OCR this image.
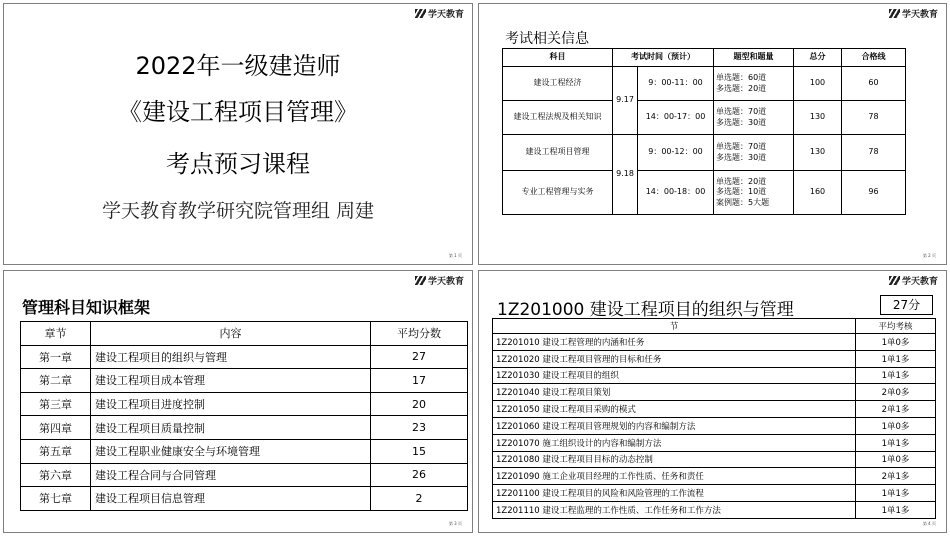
学天教育
2022年一级建造师
《建设工程项目管理》
考点预习课程
学天教育教学研究院管理组 周建
第 1 页
学天教育
考试相关信息
科目	考试时间（预计）		题型和题量	总分	合格线
建设工程经济	9.17	9：00-11：00	单选题：60道
多选题：20道	100	60
建设工程法规及相关知识		14：00-17：00	单选题：70道
多选题：30道	130	78
建设工程项目管理	9.18	9：00-12：00	单选题：70道
多选题：30道	130	78
专业工程管理与实务		14：00-18：00	单选题：20道
多选题：10道
案例题：5大题	160	96
第 2 页
学天教育
管理科目知识框架
章节	内容	平均分数
第一章	建设工程项目的组织与管理	27
第二章	建设工程项目成本管理	17
第三章	建设工程项目进度控制	20
第四章	建设工程项目质量控制	23
第五章	建设工程职业健康安全与环境管理	15
第六章	建设工程合同与合同管理	26
第七章	建设工程项目信息管理	2
第 3 页
学天教育
1Z201000 建设工程项目的组织与管理	27分
节	平均考核
1Z201010 建设工程管理的内涵和任务	1单0多
1Z201020 建设工程项目管理的目标和任务	1单1多
1Z201030 建设工程项目的组织	1单1多
1Z201040 建设工程项目策划	2单0多
1Z201050 建设工程项目采购的模式	2单1多
1Z201060 建设工程项目管理规划的内容和编制方法	1单0多
1Z201070 施工组织设计的内容和编制方法	1单1多
1Z201080 建设工程项目目标的动态控制	1单0多
1Z201090 施工企业项目经理的工作性质、任务和责任	2单1多
1Z201100 建设工程项目的风险和风险管理的工作流程	1单1多
1Z201110 建设工程监理的工作性质、工作任务和工作方法	1单1多
第 4 页
